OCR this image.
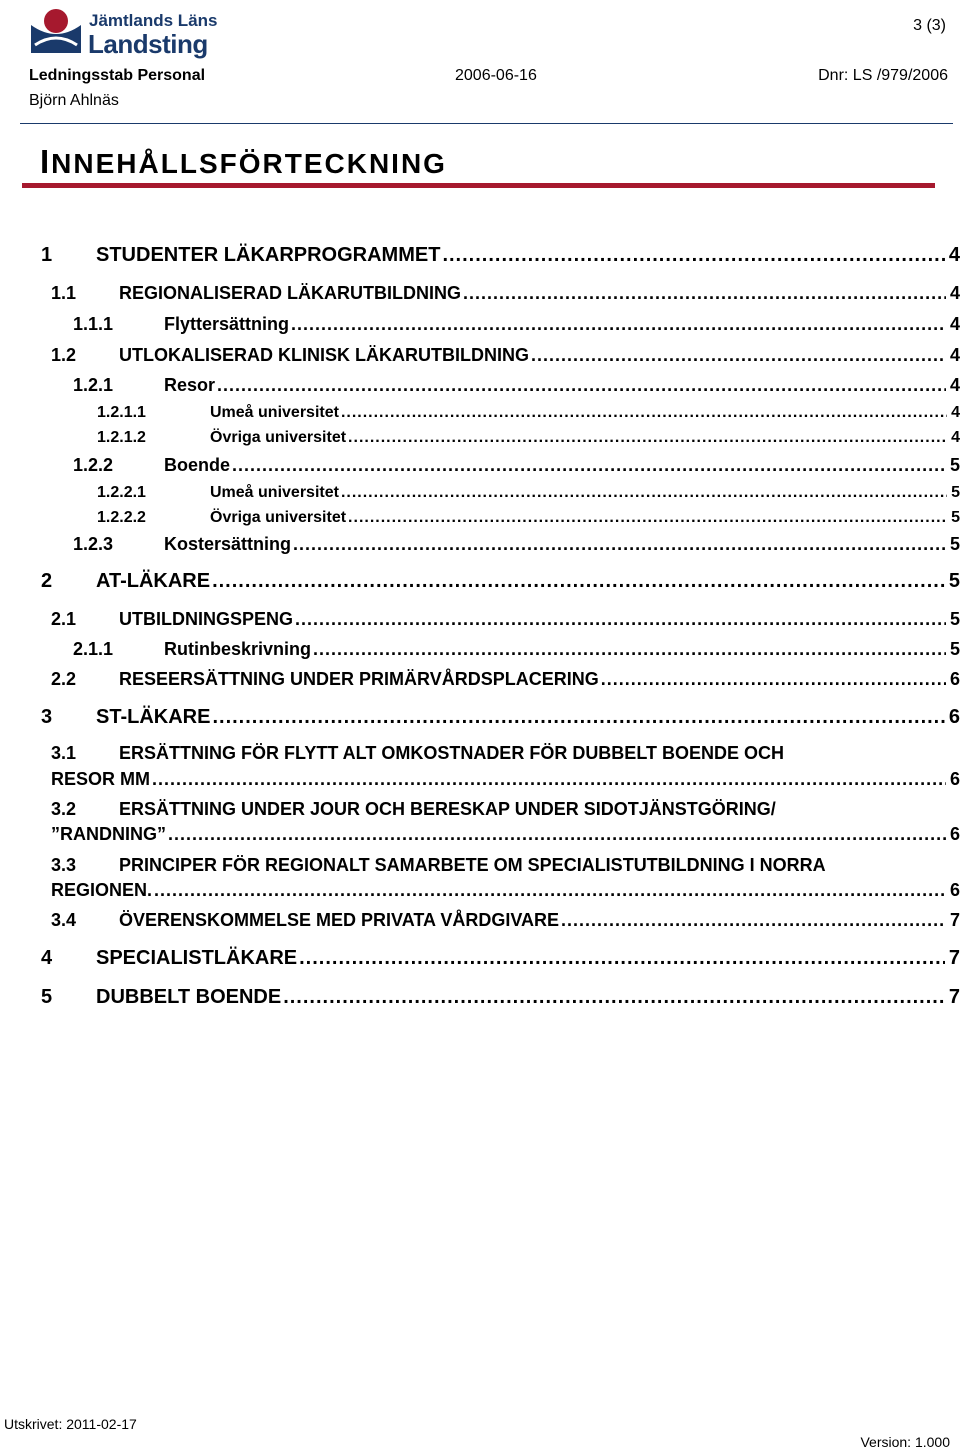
Jämtlands Läns
Landsting
3 (3)
Ledningsstab Personal	2006-06-16	Dnr: LS /979/2006
Björn Ahlnäs
INNEHÅLLSFÖRTECKNING
1 STUDENTER LÄKARPROGRAMMET .....	4
1.1 REGIONALISERAD LÄKARUTBILDNING .....	4
1.1.1	Flyttersättning .....	4
1.2 UTLOKALISERAD KLINISK LÄKARUTBILDNING .....	4
1.2.1	Resor .....	4
1.2.1.1	Umeå universitet .....	4
1.2.1.2	Övriga universitet .....	4
1.2.2	Boende .....	5
1.2.2.1	Umeå universitet .....	5
1.2.2.2	Övriga universitet .....	5
1.2.3	Kostersättning .....	5
2 AT-LÄKARE .....	5
2.1 UTBILDNINGSPENG .....	5
2.1.1	Rutinbeskrivning .....	5
2.2 RESEERSÄTTNING UNDER PRIMÄRVÅRDSPLACERING .....	6
3 ST-LÄKARE .....	6
3.1 ERSÄTTNING FÖR FLYTT ALT OMKOSTNADER FÖR DUBBELT BOENDE OCH
RESOR MM .....	6
3.2 ERSÄTTNING UNDER JOUR OCH BERESKAP UNDER SIDOTJÄNSTGÖRING/
”RANDNING” .....	6
3.3 PRINCIPER FÖR REGIONALT SAMARBETE OM SPECIALISTUTBILDNING I NORRA
REGIONEN. .....	6
3.4 ÖVERENSKOMMELSE MED PRIVATA VÅRDGIVARE .....	7
4 SPECIALISTLÄKARE .....	7
5 DUBBELT BOENDE .....	7
Utskrivet: 2011-02-17
Version: 1.000
